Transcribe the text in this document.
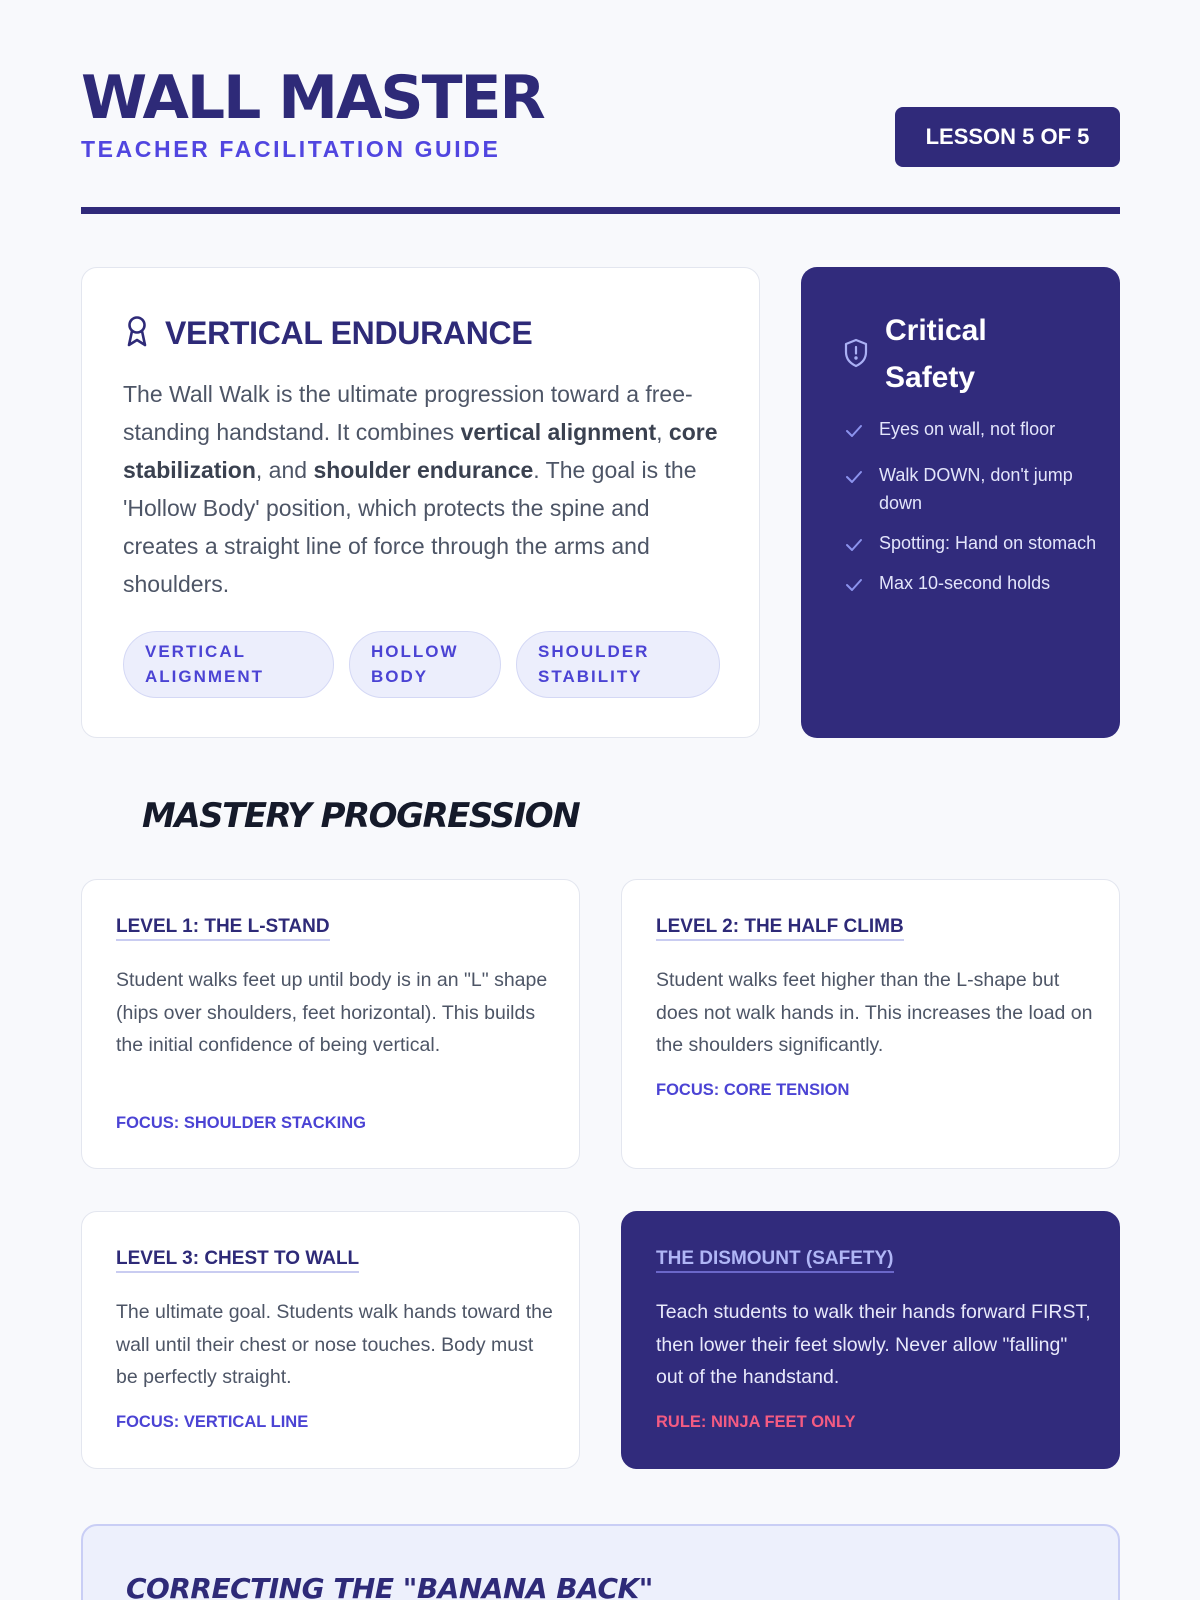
WALL MASTER
TEACHER FACILITATION GUIDE	LESSON 5 OF 5
VERTICAL ENDURANCE

The Wall Walk is the ultimate progression toward a free-standing handstand. It combines vertical alignment, core stabilization, and shoulder endurance. The goal is the 'Hollow Body' position, which protects the spine and creates a straight line of force through the arms and shoulders.

VERTICAL ALIGNMENT
HOLLOW BODY
SHOULDER STABILITY
Critical Safety
Eyes on wall, not floor
Walk DOWN, don't jump down
Spotting: Hand on stomach
Max 10-second holds
MASTERY PROGRESSION
LEVEL 1: THE L-STAND

Student walks feet up until body is in an "L" shape (hips over shoulders, feet horizontal). This builds the initial confidence of being vertical.

FOCUS: SHOULDER STACKING
LEVEL 2: THE HALF CLIMB

Student walks feet higher than the L-shape but does not walk hands in. This increases the load on the shoulders significantly.

FOCUS: CORE TENSION
LEVEL 3: CHEST TO WALL

The ultimate goal. Students walk hands toward the wall until their chest or nose touches. Body must be perfectly straight.

FOCUS: VERTICAL LINE
THE DISMOUNT (SAFETY)

Teach students to walk their hands forward FIRST, then lower their feet slowly. Never allow "falling" out of the handstand.

RULE: NINJA FEET ONLY
CORRECTING THE "BANANA BACK"
